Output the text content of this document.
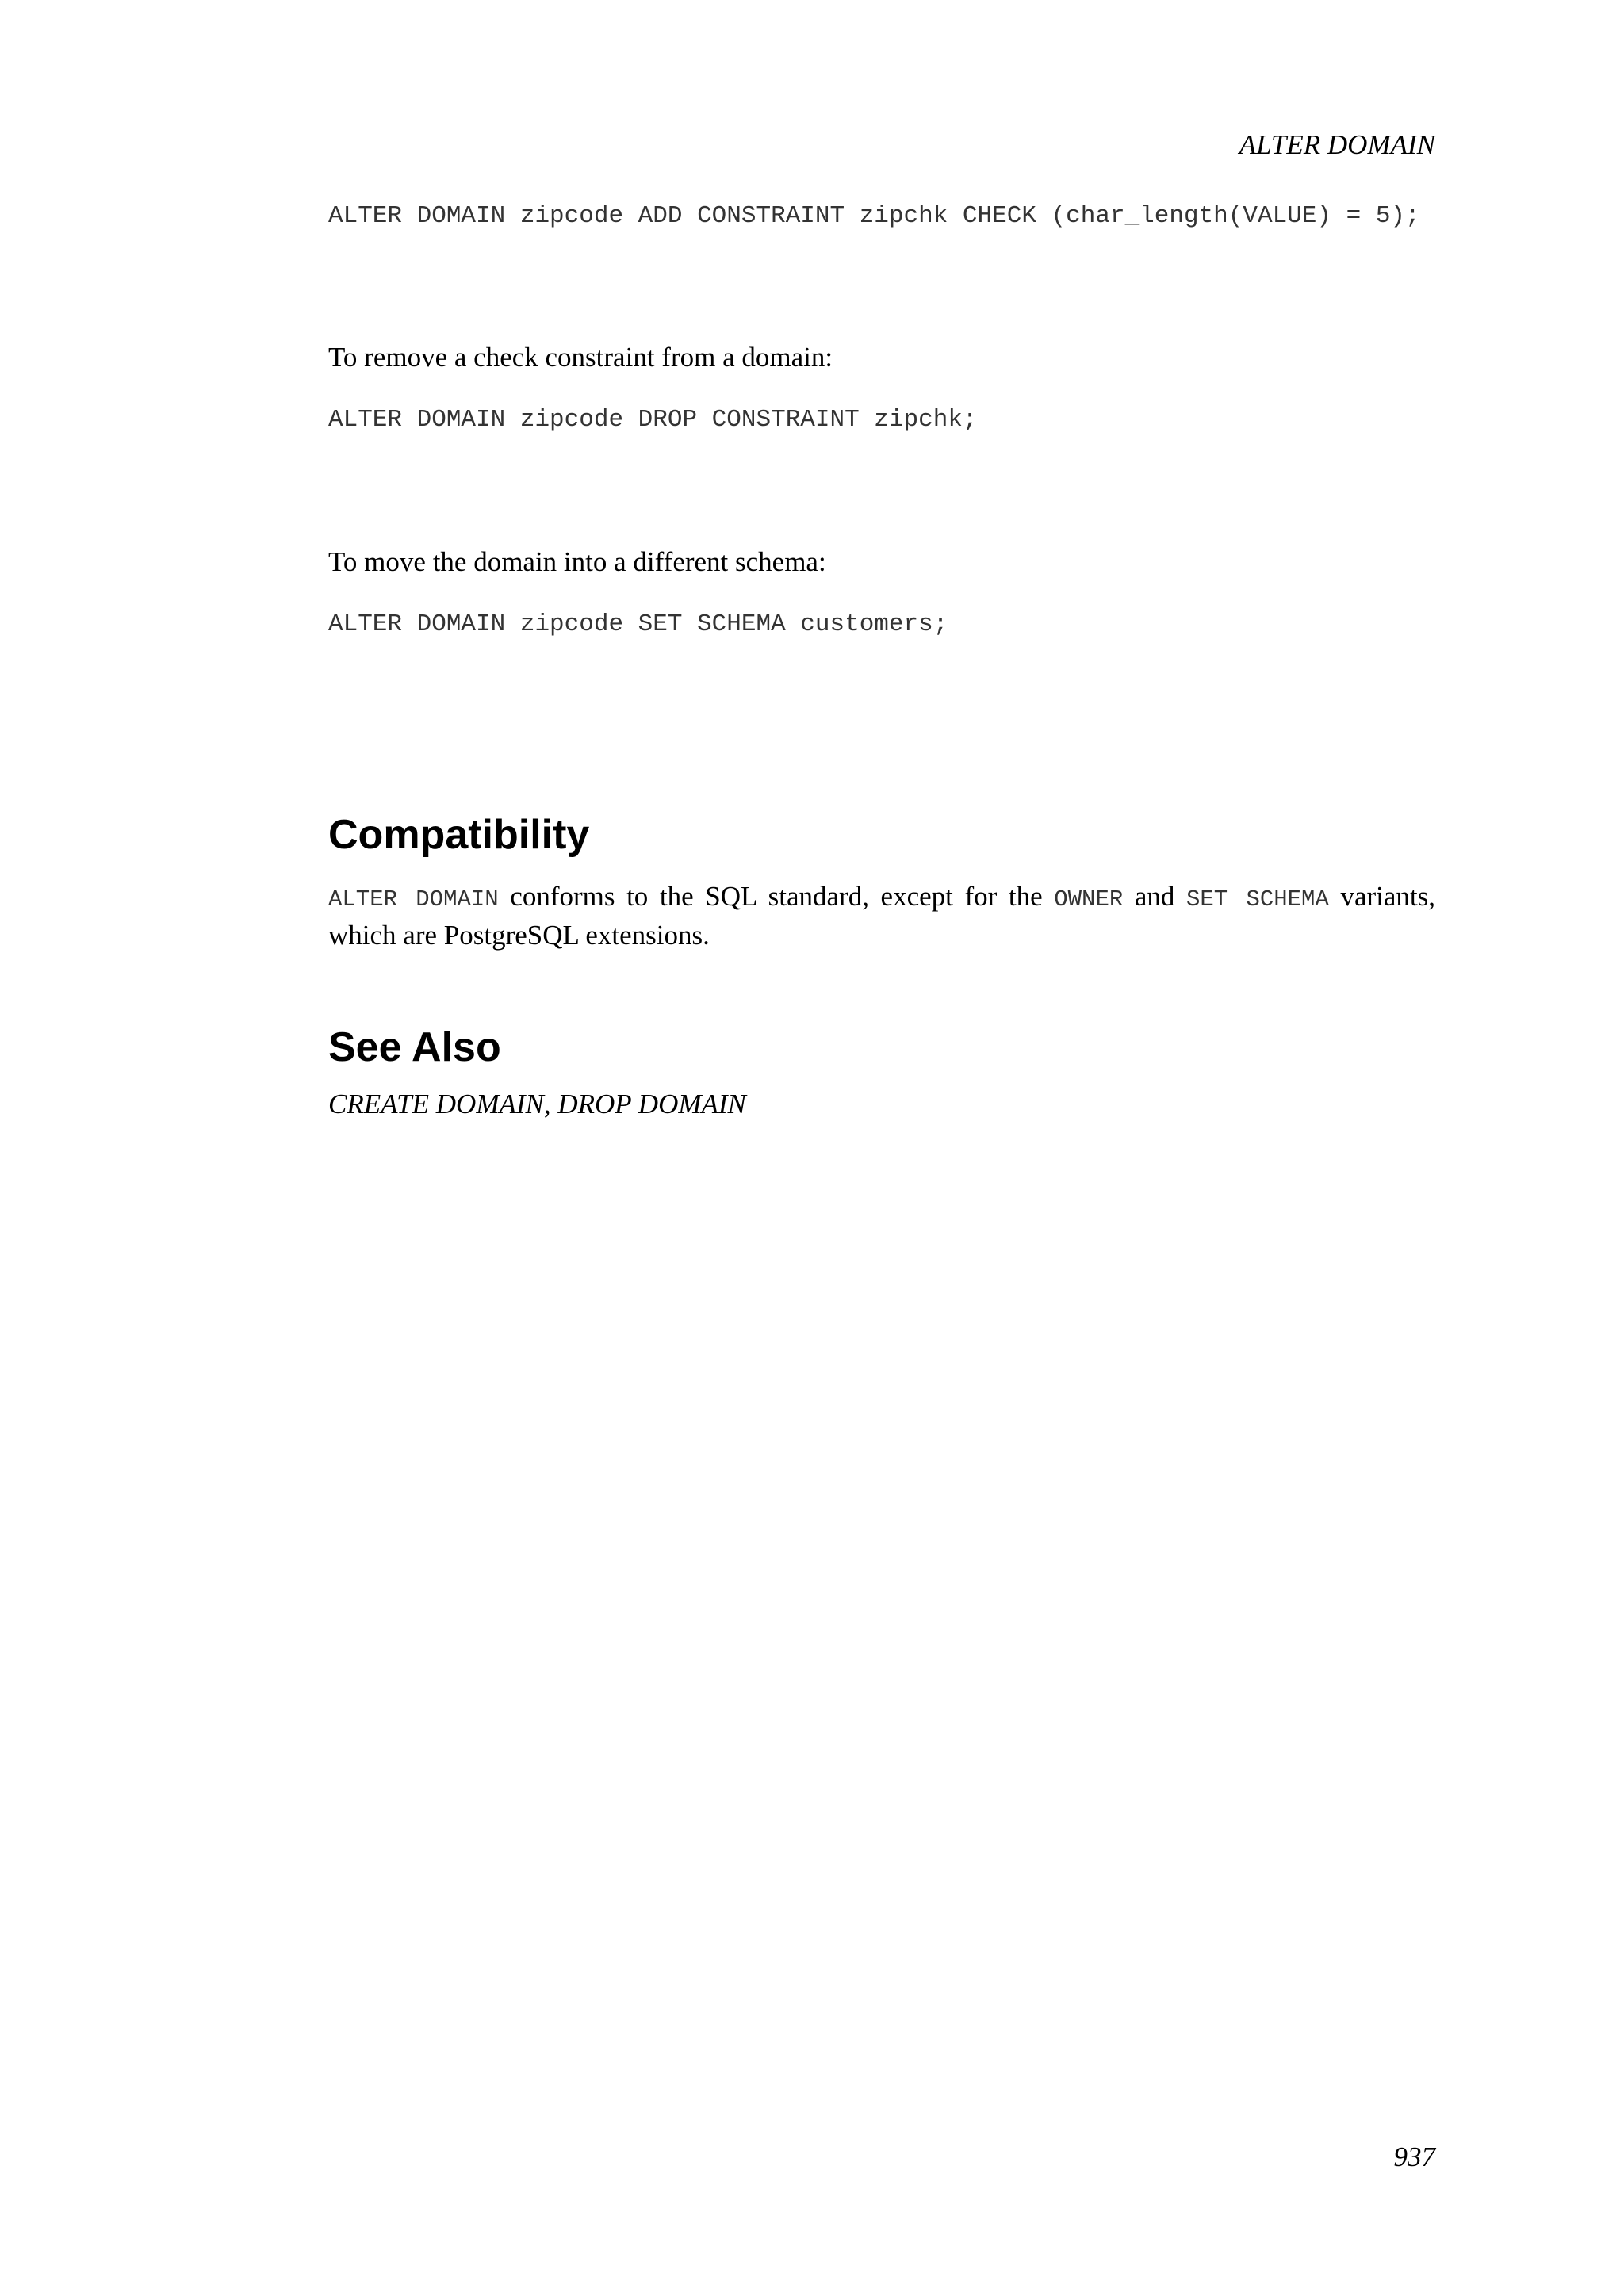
ALTER DOMAIN
ALTER DOMAIN zipcode ADD CONSTRAINT zipchk CHECK (char_length(VALUE) = 5);
To remove a check constraint from a domain:
ALTER DOMAIN zipcode DROP CONSTRAINT zipchk;
To move the domain into a different schema:
ALTER DOMAIN zipcode SET SCHEMA customers;
Compatibility
ALTER DOMAIN conforms to the SQL standard, except for the OWNER and SET SCHEMA variants, which are PostgreSQL extensions.
See Also
CREATE DOMAIN, DROP DOMAIN
937
